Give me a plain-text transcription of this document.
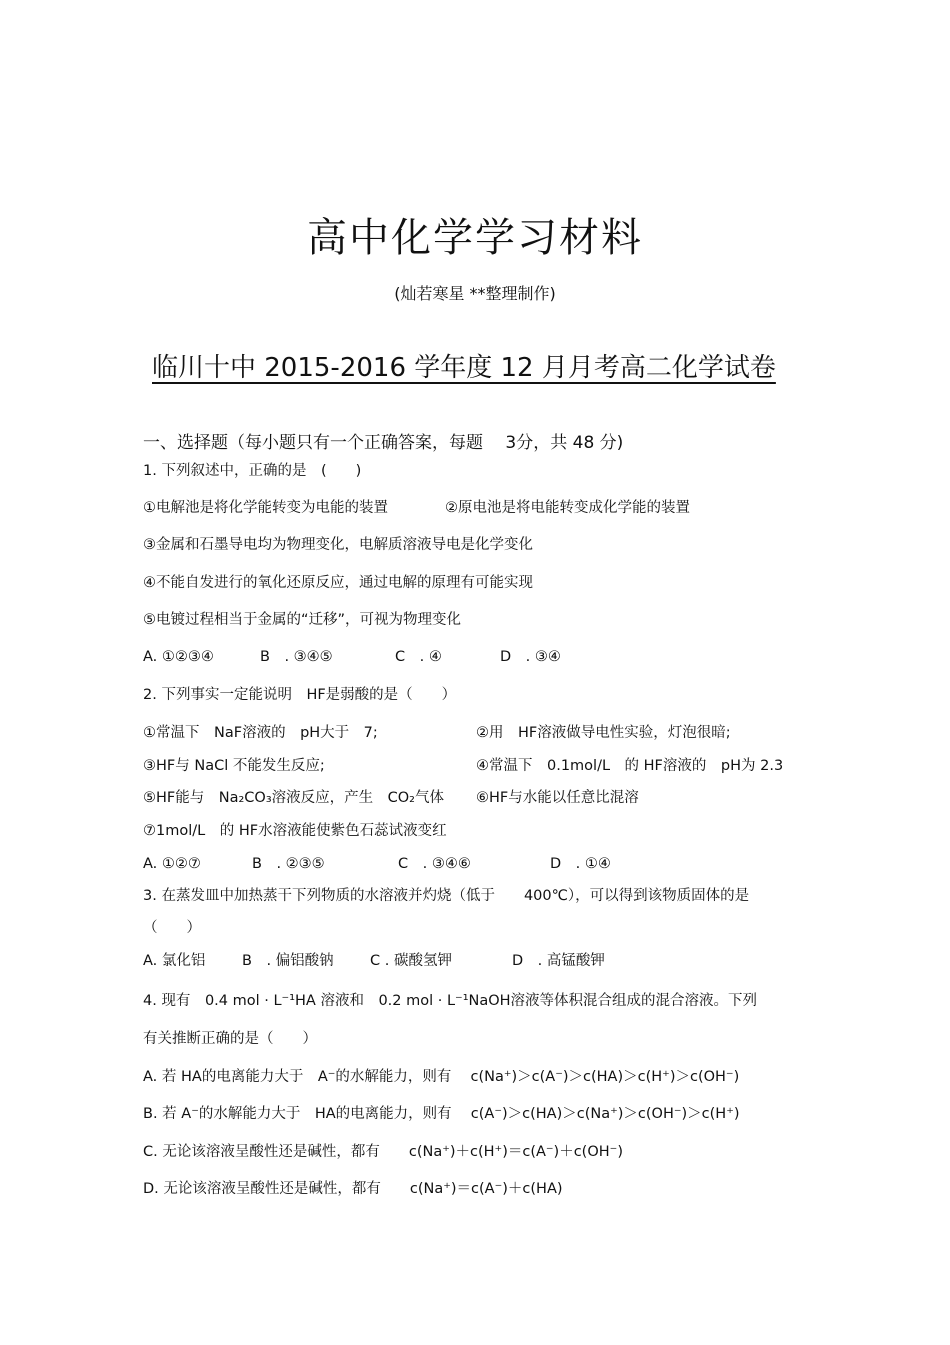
高中化学学习材料
(灿若寒星 **整理制作)
临川十中 2015-2016 学年度 12 月月考高二化学试卷
一、选择题（每小题只有一个正确答案，每题　 3分，共 48 分)
1. 下列叙述中，正确的是　(　　)
①电解池是将化学能转变为电能的装置	②原电池是将电能转变成化学能的装置
③金属和石墨导电均为物理变化，电解质溶液导电是化学变化
④不能自发进行的氧化还原反应，通过电解的原理有可能实现
⑤电镀过程相当于金属的“迁移”，可视为物理变化
A. ①②③④	B　. ③④⑤	C　. ④	D　. ③④
2. 下列事实一定能说明　HF是弱酸的是（　　）
①常温下　NaF溶液的　pH大于　7;	②用　HF溶液做导电性实验，灯泡很暗;
③HF与 NaCl 不能发生反应;	④常温下　0.1mol/L　的 HF溶液的　pH为 2.3
⑤HF能与　Na₂CO₃溶液反应，产生　CO₂气体 ⑥HF与水能以任意比混溶
⑦1mol/L　的 HF水溶液能使紫色石蕊试液变红
A. ①②⑦	B　. ②③⑤	C　. ③④⑥	D　. ①④
3. 在蒸发皿中加热蒸干下列物质的水溶液并灼烧（低于　　400℃），可以得到该物质固体的是
（　　）
A. 氯化铝	B　. 偏铝酸钠	C . 碳酸氢钾	D　. 高锰酸钾
4. 现有　0.4 mol · L⁻¹HA 溶液和　0.2 mol · L⁻¹NaOH溶液等体积混合组成的混合溶液。下列
有关推断正确的是（　　）
A. 若 HA的电离能力大于　A⁻的水解能力，则有　 c(Na⁺)＞c(A⁻)＞c(HA)＞c(H⁺)＞c(OH⁻)
B. 若 A⁻的水解能力大于　HA的电离能力，则有　 c(A⁻)＞c(HA)＞c(Na⁺)＞c(OH⁻)＞c(H⁺)
C. 无论该溶液呈酸性还是碱性，都有　　c(Na⁺)＋c(H⁺)＝c(A⁻)＋c(OH⁻)
D. 无论该溶液呈酸性还是碱性，都有　　c(Na⁺)＝c(A⁻)＋c(HA)
